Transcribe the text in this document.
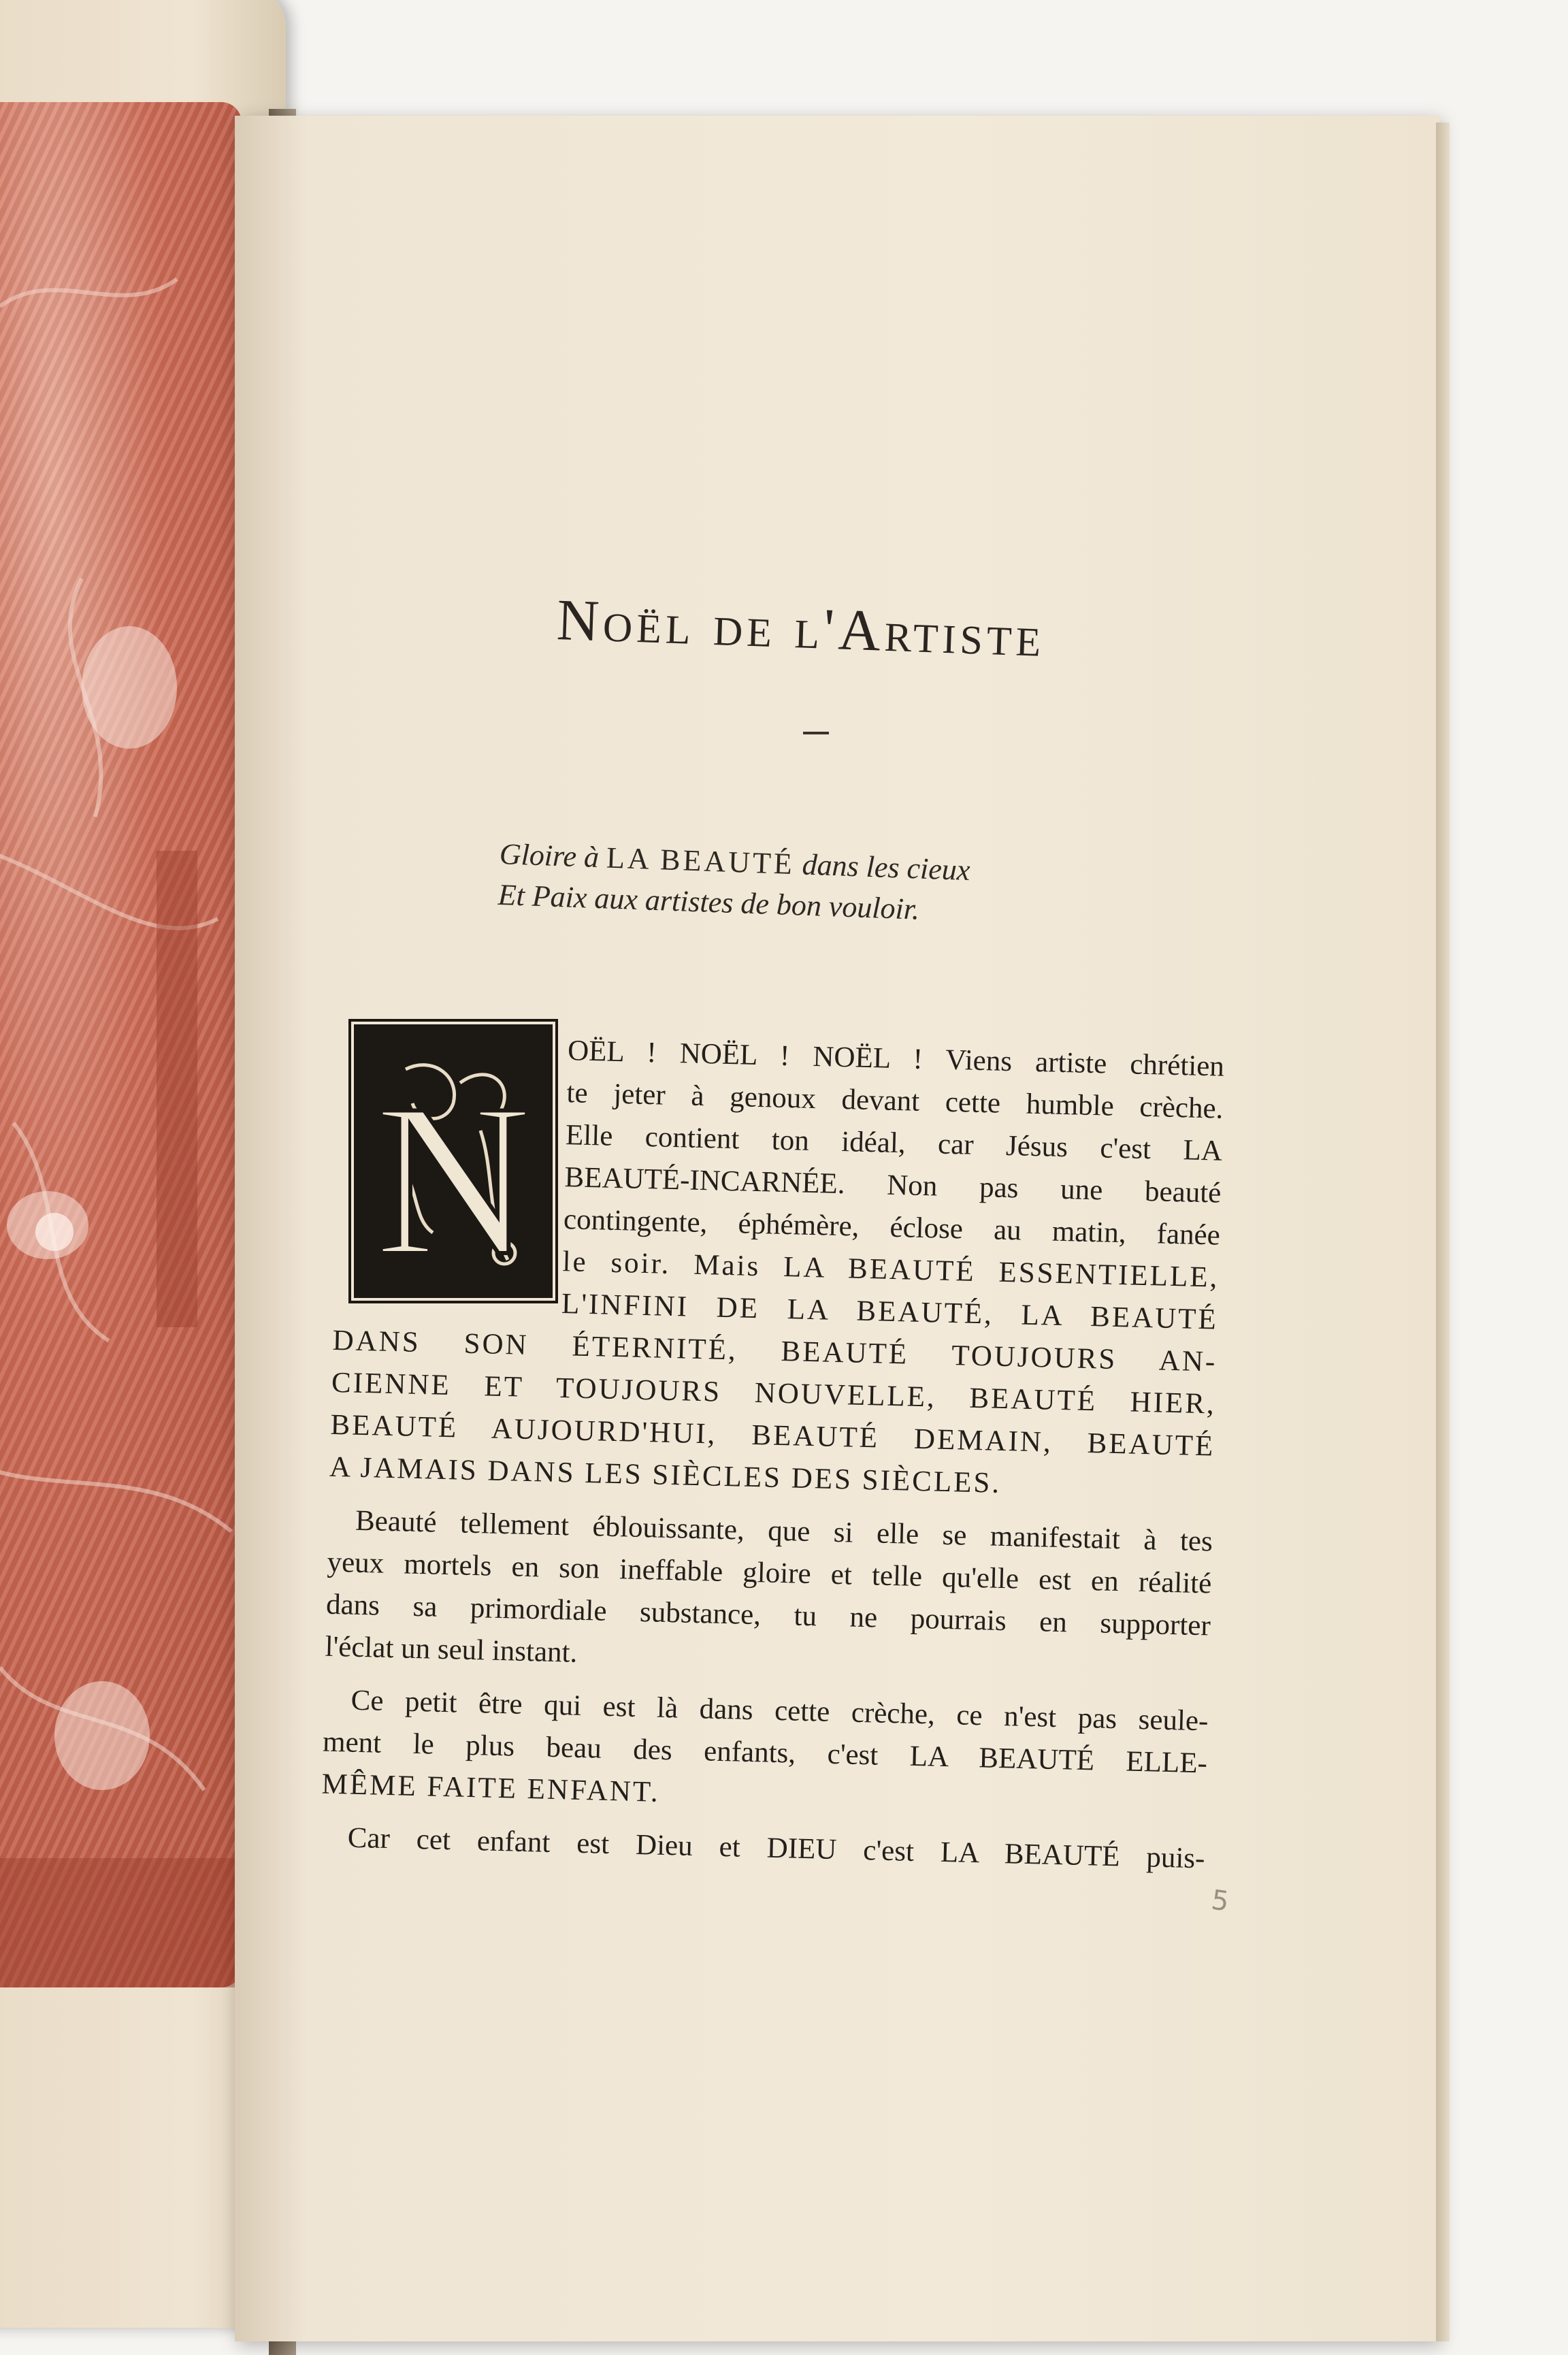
Noël de l'Artiste
Gloire à LA BEAUTÉ dans les cieux
Et Paix aux artistes de bon vouloir.
N
OËL ! NOËL ! NOËL ! Viens artiste chrétien
te jeter à genoux devant cette humble crèche.
Elle contient ton idéal, car Jésus c'est LA
BEAUTÉ-INCARNÉE. Non pas une beauté
contingente, éphémère, éclose au matin, fanée
le soir. Mais LA BEAUTÉ ESSENTIELLE,
L'INFINI DE LA BEAUTÉ, LA BEAUTÉ
DANS SON ÉTERNITÉ, BEAUTÉ TOUJOURS AN-
CIENNE ET TOUJOURS NOUVELLE, BEAUTÉ HIER,
BEAUTÉ AUJOURD'HUI, BEAUTÉ DEMAIN, BEAUTÉ
A JAMAIS DANS LES SIÈCLES DES SIÈCLES.
Beauté tellement éblouissante, que si elle se manifestait à tes
yeux mortels en son ineffable gloire et telle qu'elle est en réalité
dans sa primordiale substance, tu ne pourrais en supporter
l'éclat un seul instant.
Ce petit être qui est là dans cette crèche, ce n'est pas seule-
ment le plus beau des enfants, c'est LA BEAUTÉ ELLE-
MÊME FAITE ENFANT.
Car cet enfant est Dieu et DIEU c'est LA BEAUTÉ puis-
5
